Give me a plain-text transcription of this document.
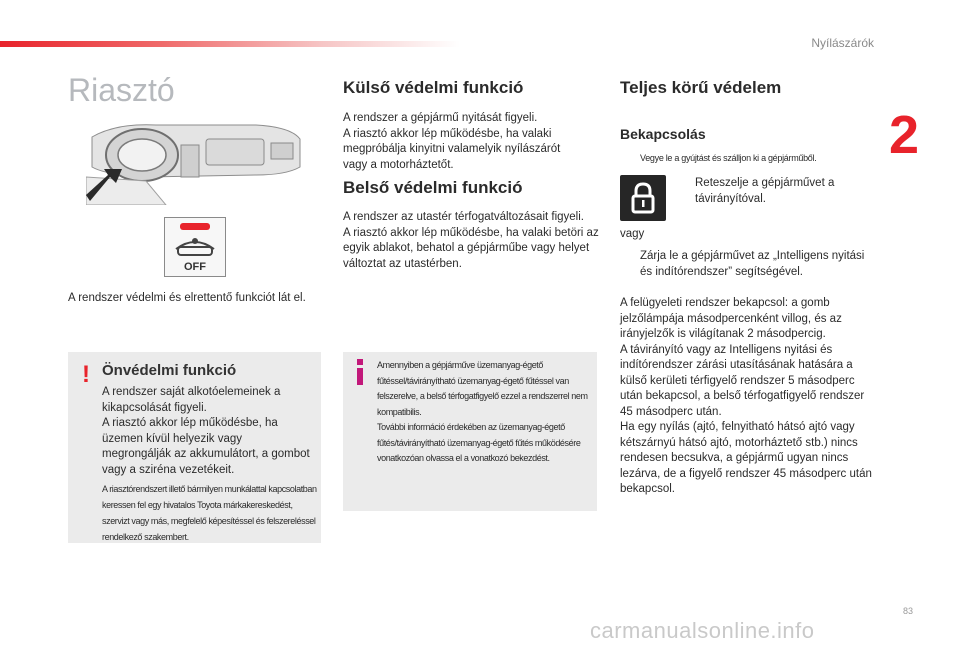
Nyílászárók
2
Riasztó
OFF
A rendszer védelmi és elrettentő funkciót lát el.
! Önvédelmi funkció
A rendszer saját alkotóelemeinek a kikapcsolását figyeli.
A riasztó akkor lép működésbe, ha üzemen kívül helyezik vagy megrongálják az akkumulátort, a gombot vagy a sziréna vezetékeit.
A riasztórendszert illető bármilyen munkálattal kapcsolatban keressen fel egy hivatalos Toyota márkakereskedést, szervizt vagy más, megfelelő képesítéssel és felszereléssel rendelkező szakembert.
Külső védelmi funkció
A rendszer a gépjármű nyitását figyeli.
A riasztó akkor lép működésbe, ha valaki megpróbálja kinyitni valamelyik nyílászárót vagy a motorháztetőt.
Belső védelmi funkció
A rendszer az utastér térfogatváltozásait figyeli.
A riasztó akkor lép működésbe, ha valaki betöri az egyik ablakot, behatol a gépjárműbe vagy helyet változtat az utastérben.
Amennyiben a gépjárműve üzemanyag-égető fűtéssel/távirányítható üzemanyag-égető fűtéssel van felszerelve, a belső térfogatfigyelő ezzel a rendszerrel nem kompatibilis.
További információ érdekében az üzemanyag-égető fűtés/távirányítható üzemanyag-égető fűtés működésére vonatkozóan olvassa el a vonatkozó bekezdést.
Teljes körű védelem
Bekapcsolás
Vegye le a gyújtást és szálljon ki a gépjárműből.
Reteszelje a gépjárművet a távirányítóval.
vagy
Zárja le a gépjárművet az „Intelligens nyitási és indítórendszer” segítségével.
A felügyeleti rendszer bekapcsol: a gomb jelzőlámpája másodpercenként villog, és az irányjelzők is világítanak 2 másodpercig.
A távirányító vagy az Intelligens nyitási és indítórendszer zárási utasításának hatására a külső kerületi térfigyelő rendszer 5 másodperc után bekapcsol, a belső térfogatfigyelő rendszer 45 másodperc után.
Ha egy nyílás (ajtó, felnyitható hátsó ajtó vagy kétszárnyú hátsó ajtó, motorháztető stb.) nincs rendesen becsukva, a gépjármű ugyan nincs lezárva, de a figyelő rendszer 45 másodperc után bekapcsol.
83
carmanualsonline.info
